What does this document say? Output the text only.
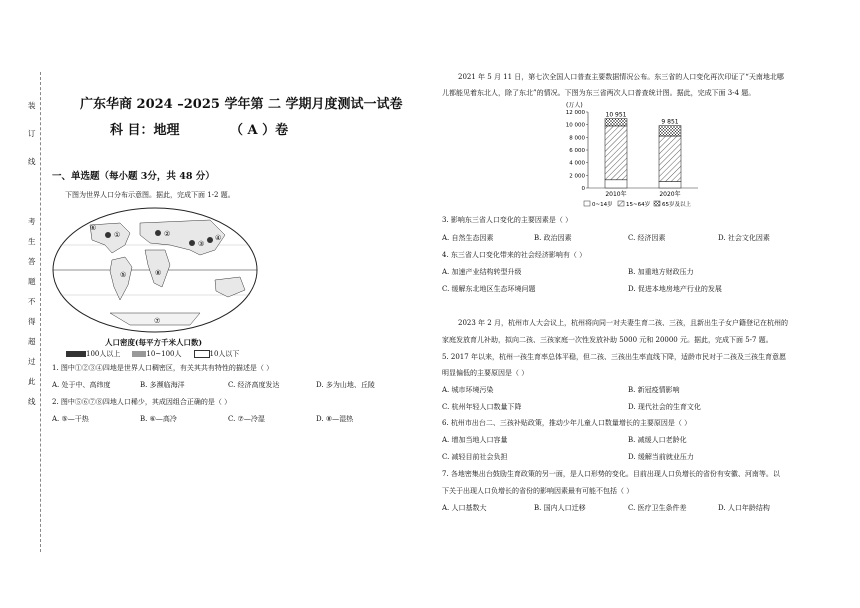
装
订
线
考
生
答
题
不
得
超
过
此
线
广东华商 2024 –2025 学年第 二 学期月度测试一试卷
科 目：地理	（ A ）卷
一、单选题（每小题 3分，共 48 分）
下图为世界人口分布示意图。据此，完成下面 1-2 题。
①	②
③
④
⑤
⑥
⑦
⑧
人口密度(每平方千米人口数)
100人以上	10~100人	10人以下
1. 图中①②③④四地是世界人口稠密区，有关其共有特性的描述是（ ）
A. 处于中、高纬度	B. 多濒临海洋	C. 经济高度发达	D. 多为山地、丘陵
2. 图中⑤⑥⑦⑧四地人口稀少，其成因组合正确的是（ ）
A. ⑤—干热	B. ⑥—高冷	C. ⑦—冷湿	D. ⑧—湿热
2021 年 5 月 11 日，第七次全国人口普查主要数据情况公布。东三省的人口变化再次印证了“天南地北哪
儿都能见着东北人，除了东北”的情况。下图为东三省两次人口普查统计图。据此，完成下面 3-4 题。
(万人)
0
2 000
4 000
6 000
8 000
10 000
12 000	10 951
2010年
9 851
2020年
0~14岁 15~64岁 65岁及以上
3. 影响东三省人口变化的主要因素是（ ）
A. 自然生态因素	B. 政治因素	C. 经济因素	D. 社会文化因素
4. 东三省人口变化带来的社会经济影响有（ ）
A. 加速产业结构转型升级	B. 加重地方财政压力
C. 缓解东北地区生态环境问题	D. 促进本地房地产行业的发展
2023 年 2 月，杭州市人大会议上，杭州将向同一对夫妻生育二孩、三孩，且新出生子女户籍登记在杭州的
家庭发放育儿补助，拟向二孩、三孩家庭一次性发放补助 5000 元和 20000 元。据此，完成下面 5-7 题。
5. 2017 年以来，杭州一孩生育率总体平稳，但二孩、三孩出生率直线下降，适龄市民对于二孩及三孩生育意愿
明显偏低的主要原因是（ ）
A. 城市环境污染	B. 新冠疫情影响
C. 杭州年轻人口数量下降	D. 现代社会的生育文化
6. 杭州市出台二、三孩补贴政策，推动少年儿童人口数量增长的主要原因是（ ）
A. 增加当地人口容量	B. 减缓人口老龄化
C. 减轻目前社会负担	D. 缓解当前就业压力
7. 各地密集出台鼓励生育政策的另一面，是人口形势的变化。目前出现人口负增长的省份有安徽、河南等。以
下关于出现人口负增长的省份的影响因素最有可能不包括（ ）
A. 人口基数大	B. 国内人口迁移	C. 医疗卫生条件差	D. 人口年龄结构
